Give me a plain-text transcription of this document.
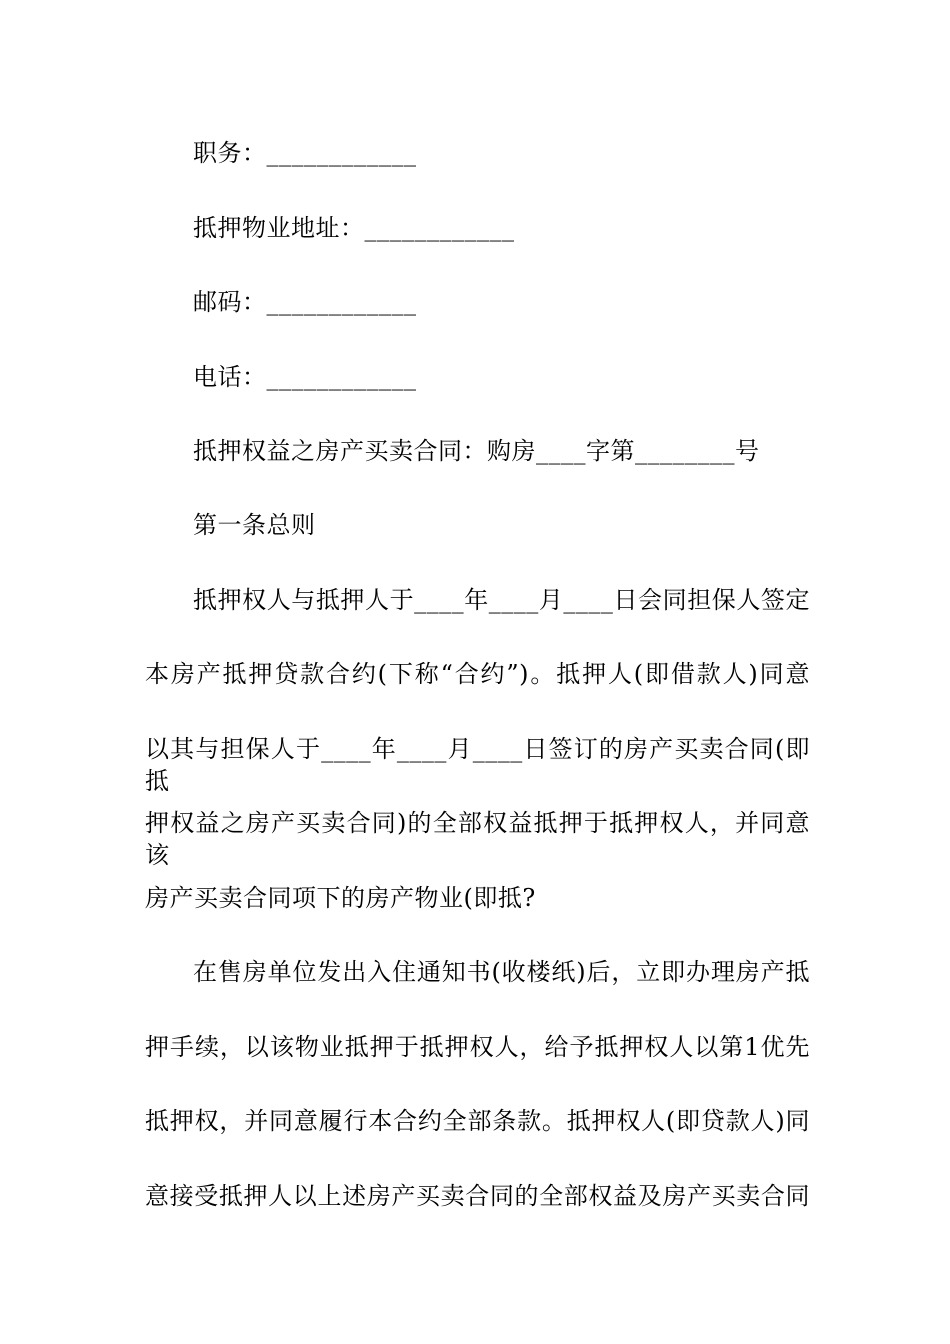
职务：____________
抵押物业地址：____________
邮码：____________
电话：____________
抵押权益之房产买卖合同：购房____字第________号
第一条总则
抵押权人与抵押人于____年____月____日会同担保人签定
本房产抵押贷款合约(下称“合约”)。抵押人(即借款人)同意
以其与担保人于____年____月____日签订的房产买卖合同(即抵
押权益之房产买卖合同)的全部权益抵押于抵押权人，并同意该
房产买卖合同项下的房产物业(即抵?
在售房单位发出入住通知书(收楼纸)后，立即办理房产抵
押手续，以该物业抵押于抵押权人，给予抵押权人以第1优先
抵押权，并同意履行本合约全部条款。抵押权人(即贷款人)同
意接受抵押人以上述房产买卖合同的全部权益及房产买卖合同
